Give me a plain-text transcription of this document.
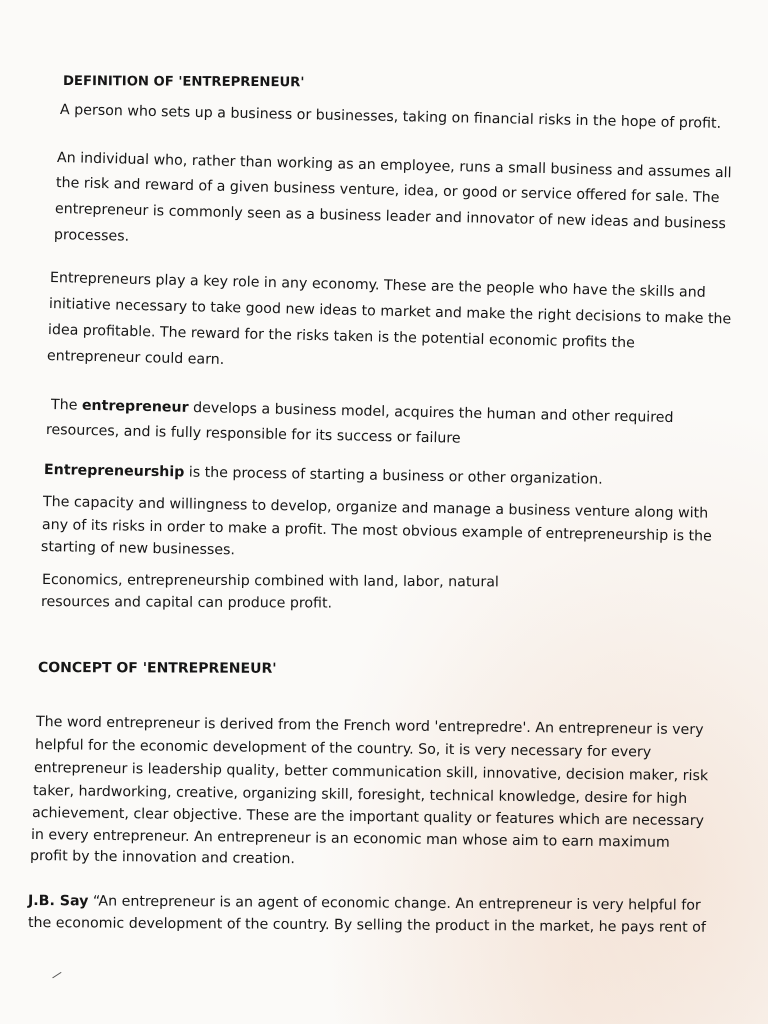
DEFINITION OF 'ENTREPRENEUR'
A person who sets up a business or businesses, taking on financial risks in the hope of profit.
An individual who, rather than working as an employee, runs a small business and assumes all
the risk and reward of a given business venture, idea, or good or service offered for sale. The
entrepreneur is commonly seen as a business leader and innovator of new ideas and business
processes.
Entrepreneurs play a key role in any economy. These are the people who have the skills and
initiative necessary to take good new ideas to market and make the right decisions to make the
idea profitable. The reward for the risks taken is the potential economic profits the
entrepreneur could earn.
The entrepreneur develops a business model, acquires the human and other required
resources, and is fully responsible for its success or failure
Entrepreneurship is the process of starting a business or other organization.
The capacity and willingness to develop, organize and manage a business venture along with
any of its risks in order to make a profit. The most obvious example of entrepreneurship is the
starting of new businesses.
Economics, entrepreneurship combined with land, labor, natural
resources and capital can produce profit.
CONCEPT OF 'ENTREPRENEUR'
The word entrepreneur is derived from the French word 'entrepredre'. An entrepreneur is very
helpful for the economic development of the country. So, it is very necessary for every
entrepreneur is leadership quality, better communication skill, innovative, decision maker, risk
taker, hardworking, creative, organizing skill, foresight, technical knowledge, desire for high
achievement, clear objective. These are the important quality or features which are necessary
in every entrepreneur. An entrepreneur is an economic man whose aim to earn maximum
profit by the innovation and creation.
J.B. Say “An entrepreneur is an agent of economic change. An entrepreneur is very helpful for
the economic development of the country. By selling the product in the market, he pays rent of
/
